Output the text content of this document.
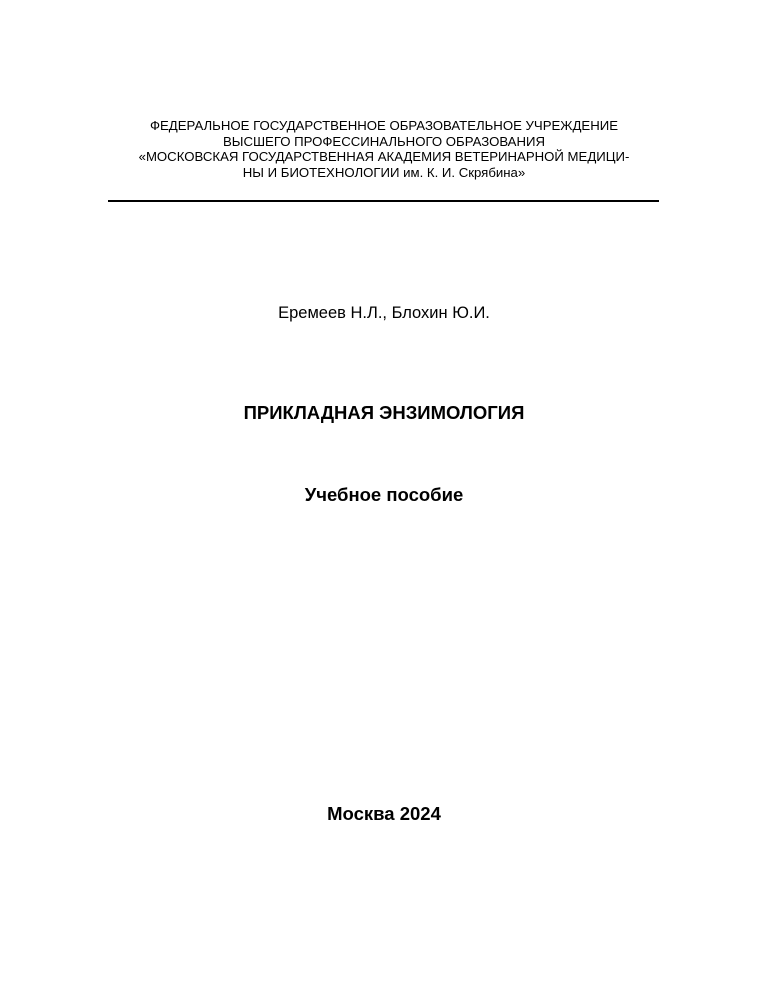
ФЕДЕРАЛЬНОЕ ГОСУДАРСТВЕННОЕ ОБРАЗОВАТЕЛЬНОЕ УЧРЕЖДЕНИЕ
ВЫСШЕГО ПРОФЕССИНАЛЬНОГО ОБРАЗОВАНИЯ
«МОСКОВСКАЯ ГОСУДАРСТВЕННАЯ АКАДЕМИЯ ВЕТЕРИНАРНОЙ МЕДИЦИ-
НЫ И БИОТЕХНОЛОГИИ им. К. И. Скрябина»
Еремеев Н.Л., Блохин Ю.И.
ПРИКЛАДНАЯ ЭНЗИМОЛОГИЯ
Учебное пособие
Москва 2024
